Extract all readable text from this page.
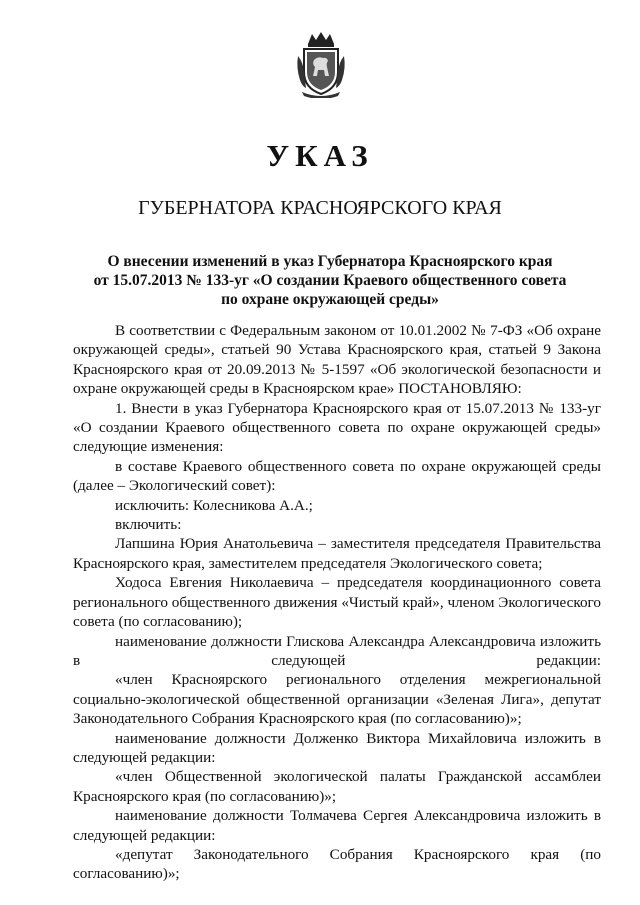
УКАЗ
ГУБЕРНАТОРА КРАСНОЯРСКОГО КРАЯ
О внесении изменений в указ Губернатора Красноярского края
от 15.07.2013 № 133-уг «О создании Краевого общественного совета
по охране окружающей среды»

В соответствии с Федеральным законом от 10.01.2002 № 7-ФЗ «Об охране окружающей среды», статьей 90 Устава Красноярского края, статьей 9 Закона Красноярского края от 20.09.2013 № 5-1597 «Об экологической безопасности и охране окружающей среды в Красноярском крае» ПОСТАНОВЛЯЮ:

1. Внести в указ Губернатора Красноярского края от 15.07.2013 № 133-уг «О создании Краевого общественного совета по охране окружающей среды» следующие изменения:

в составе Краевого общественного совета по охране окружающей среды (далее – Экологический совет):

исключить: Колесникова А.А.;

включить:

Лапшина Юрия Анатольевича – заместителя председателя Правительства Красноярского края, заместителем председателя Экологического совета;

Ходоса Евгения Николаевича – председателя координационного совета регионального общественного движения «Чистый край», членом Экологического совета (по согласованию);

наименование должности Глискова Александра Александровича изложить в следующей редакции:

«член Красноярского регионального отделения межрегиональной социально-экологической общественной организации «Зеленая Лига», депутат Законодательного Собрания Красноярского края (по согласованию)»;

наименование должности Долженко Виктора Михайловича изложить в следующей редакции:

«член Общественной экологической палаты Гражданской ассамблеи Красноярского края (по согласованию)»;

наименование должности Толмачева Сергея Александровича изложить в следующей редакции:

«депутат Законодательного Собрания Красноярского края (по согласованию)»;
